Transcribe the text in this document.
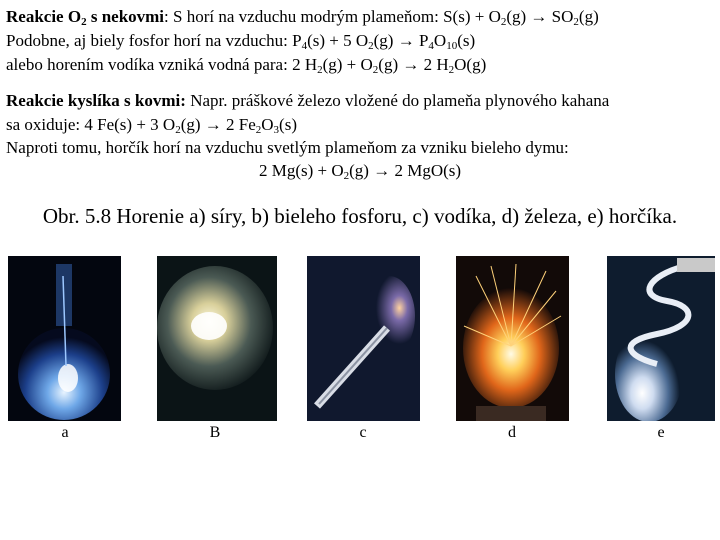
Reakcie $O_2$ s nekovmi: S horí na vzduchu modrým plameňom: $S(s) + O_2(g) \to SO_2(g)$
Podobne, aj biely fosfor horí na vzduchu: $P_4(s) + 5$ $O_2(g) \to P_4O_{10}(s)$
alebo horením vodíka vzniká vodná para: 2 $H_2(g) + O_2(g) \to 2$ $H_2O(g)$
Reakcie kyslíka s kovmi: Napr. práškové železo vložené do plameňa plynového kahana
sa oxiduje: 4 Fe(s) + 3 $O_2(g) \to 2$ $Fe_2O_3(s)$
Naproti tomu, horčík horí na vzduchu svetlým plameňom za vzniku bieleho dymu:
2 $Mg(s) + O_2(g) \to 2$ MgO(s)
Obr. 5.8 Horenie a) síry, b) bieleho fosforu, c) vodíka, d) železa, e) horčíka.
a	B	c	d	e
